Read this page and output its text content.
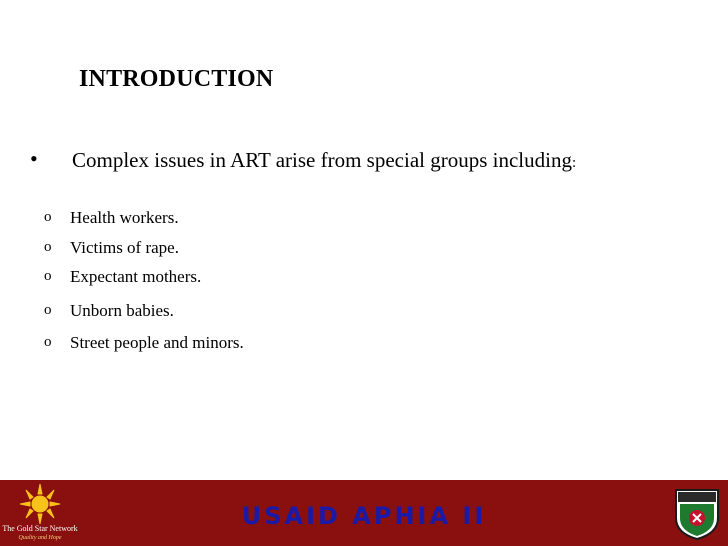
INTRODUCTION
• Complex issues in ART arise from special groups including:
o Health workers.
o Victims of rape.
o Expectant mothers.
o Unborn babies.
o Street people and minors.
USAID APHIA II
The Gold Star Network
Quality and Hope
